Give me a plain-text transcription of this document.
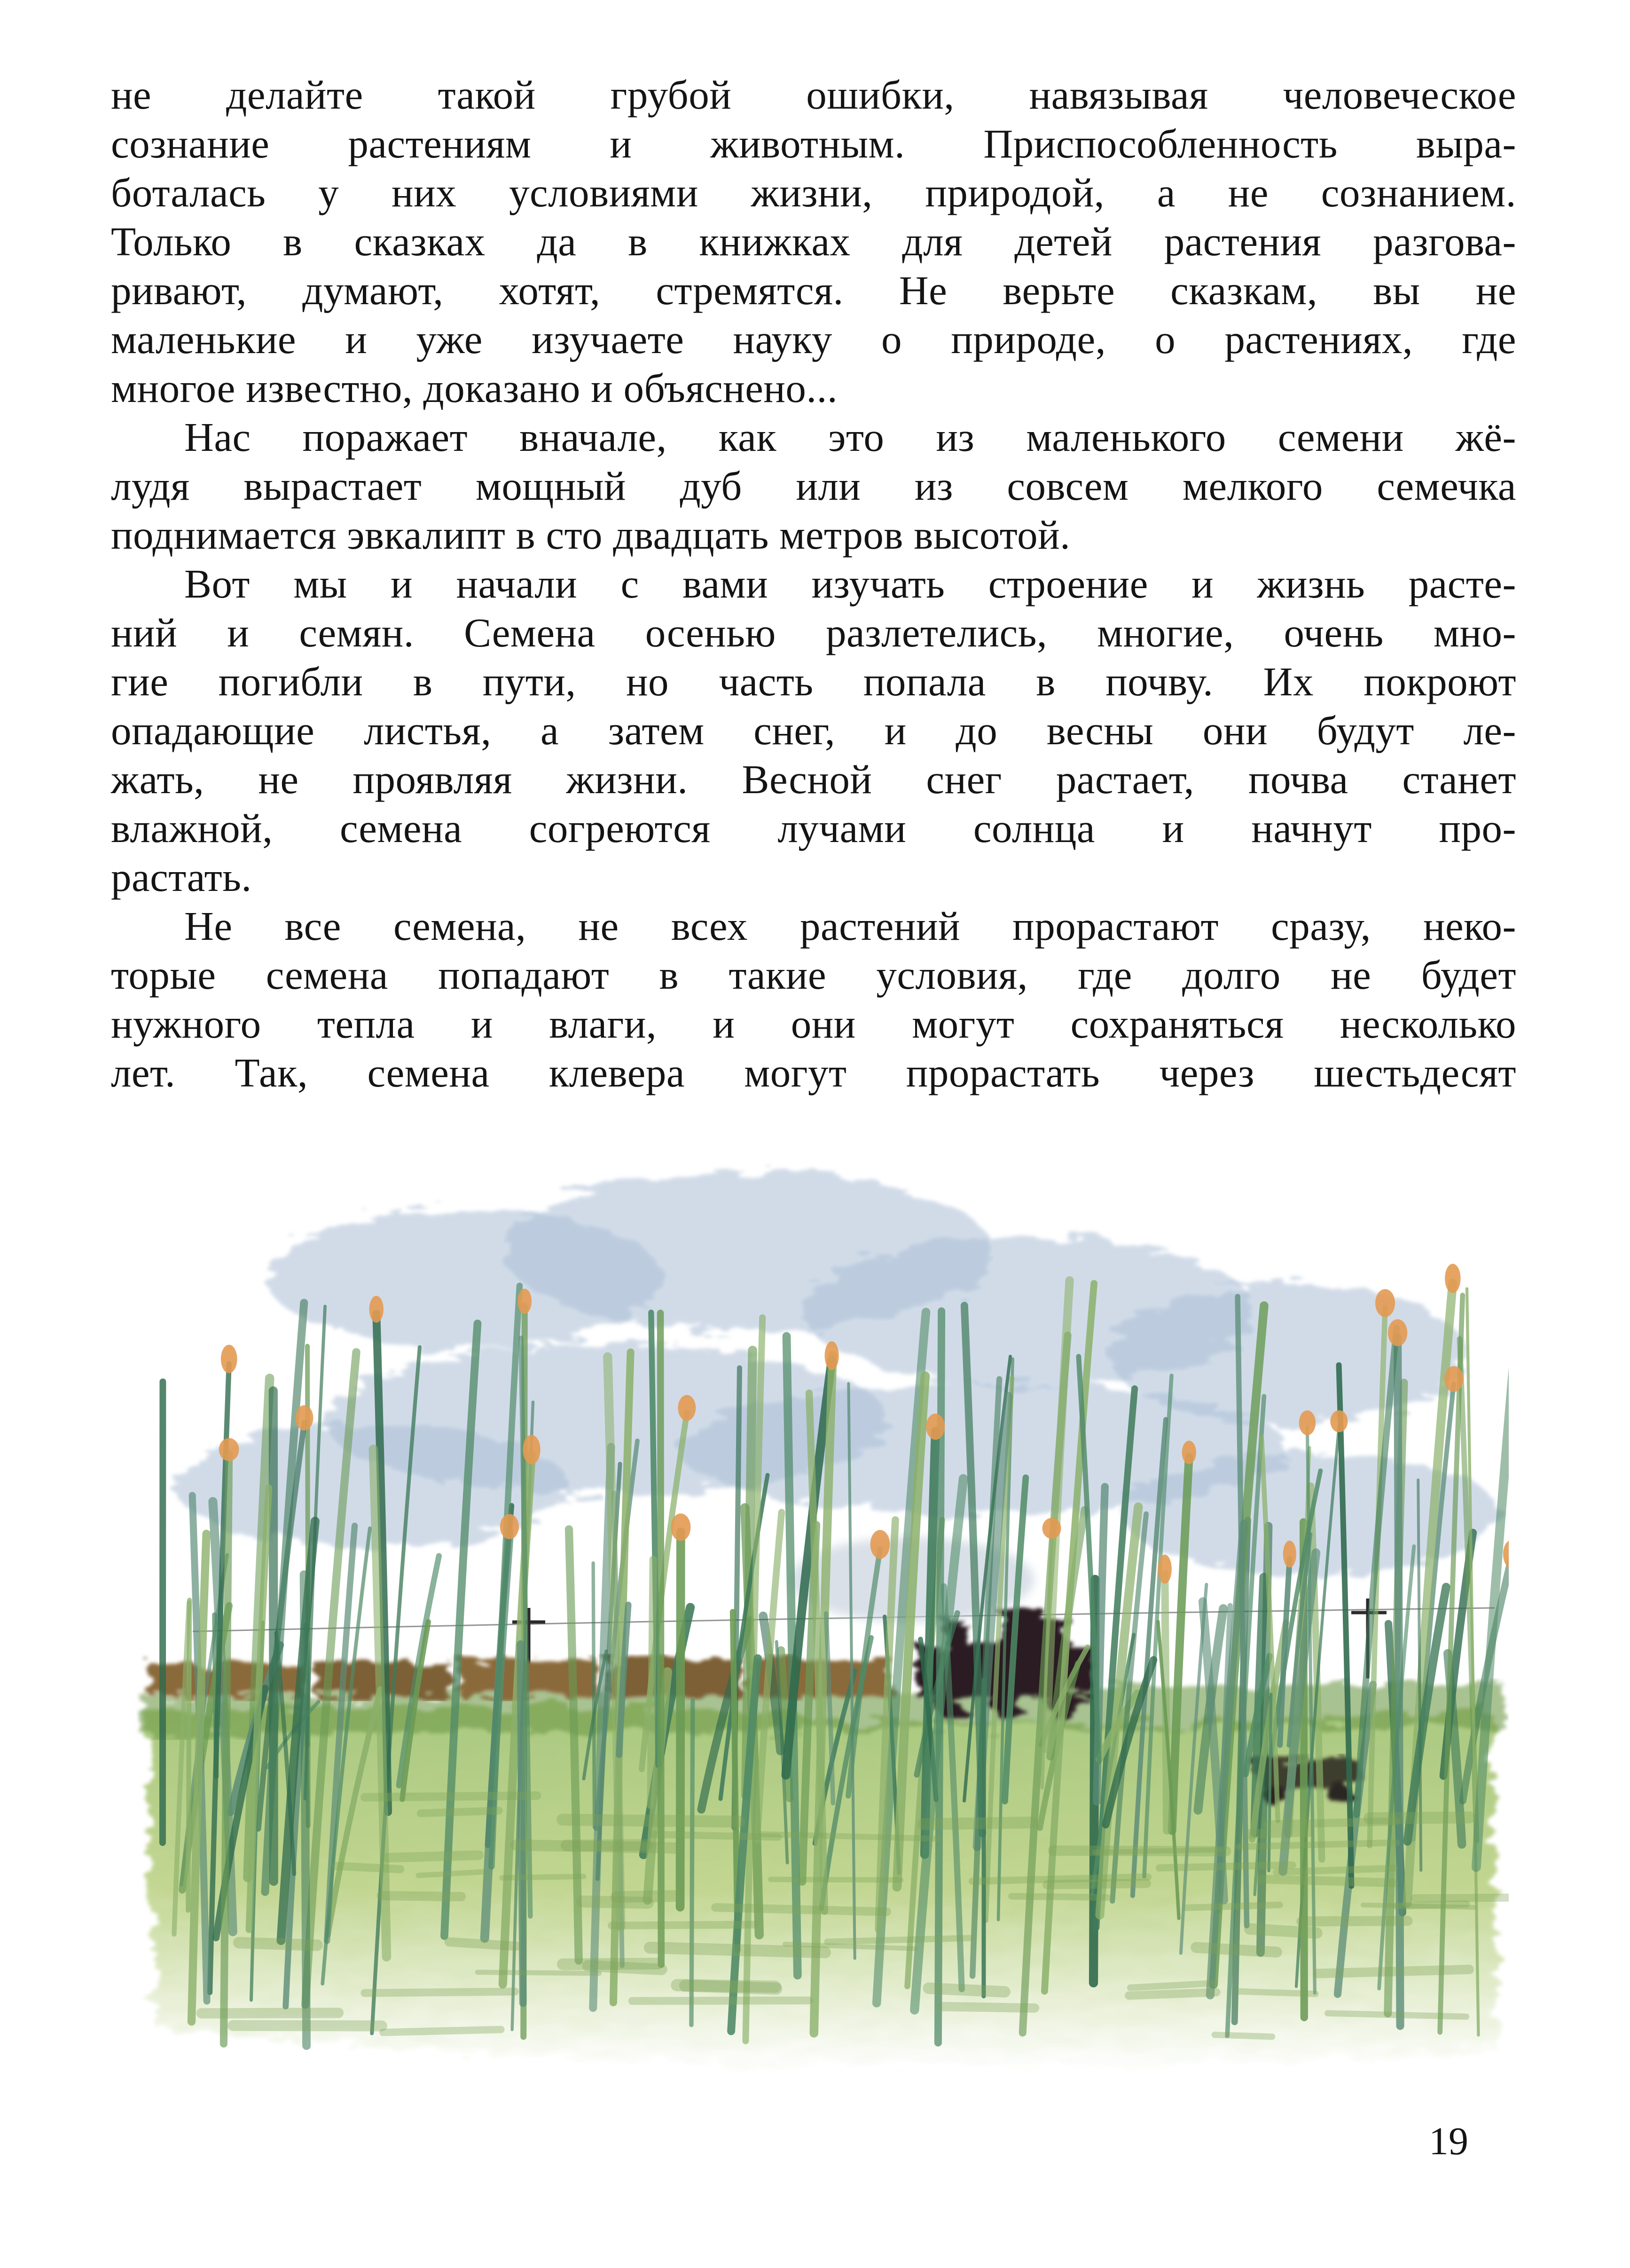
не делайте такой грубой ошибки, навязывая человеческое
сознание растениям и животным. Приспособленность выра-
боталась у них условиями жизни, природой, а не сознанием.
Только в сказках да в книжках для детей растения разгова-
ривают, думают, хотят, стремятся. Не верьте сказкам, вы не
маленькие и уже изучаете науку о природе, о растениях, где
многое известно, доказано и объяснено...
Нас поражает вначале, как это из маленького семени жё-
лудя вырастает мощный дуб или из совсем мелкого семечка
поднимается эвкалипт в сто двадцать метров высотой.
Вот мы и начали с вами изучать строение и жизнь расте-
ний и семян. Семена осенью разлетелись, многие, очень мно-
гие погибли в пути, но часть попала в почву. Их покроют
опадающие листья, а затем снег, и до весны они будут ле-
жать, не проявляя жизни. Весной снег растает, почва станет
влажной, семена согреются лучами солнца и начнут про-
растать.
Не все семена, не всех растений прорастают сразу, неко-
торые семена попадают в такие условия, где долго не будет
нужного тепла и влаги, и они могут сохраняться несколько
лет. Так, семена клевера могут прорастать через шестьдесят
19
